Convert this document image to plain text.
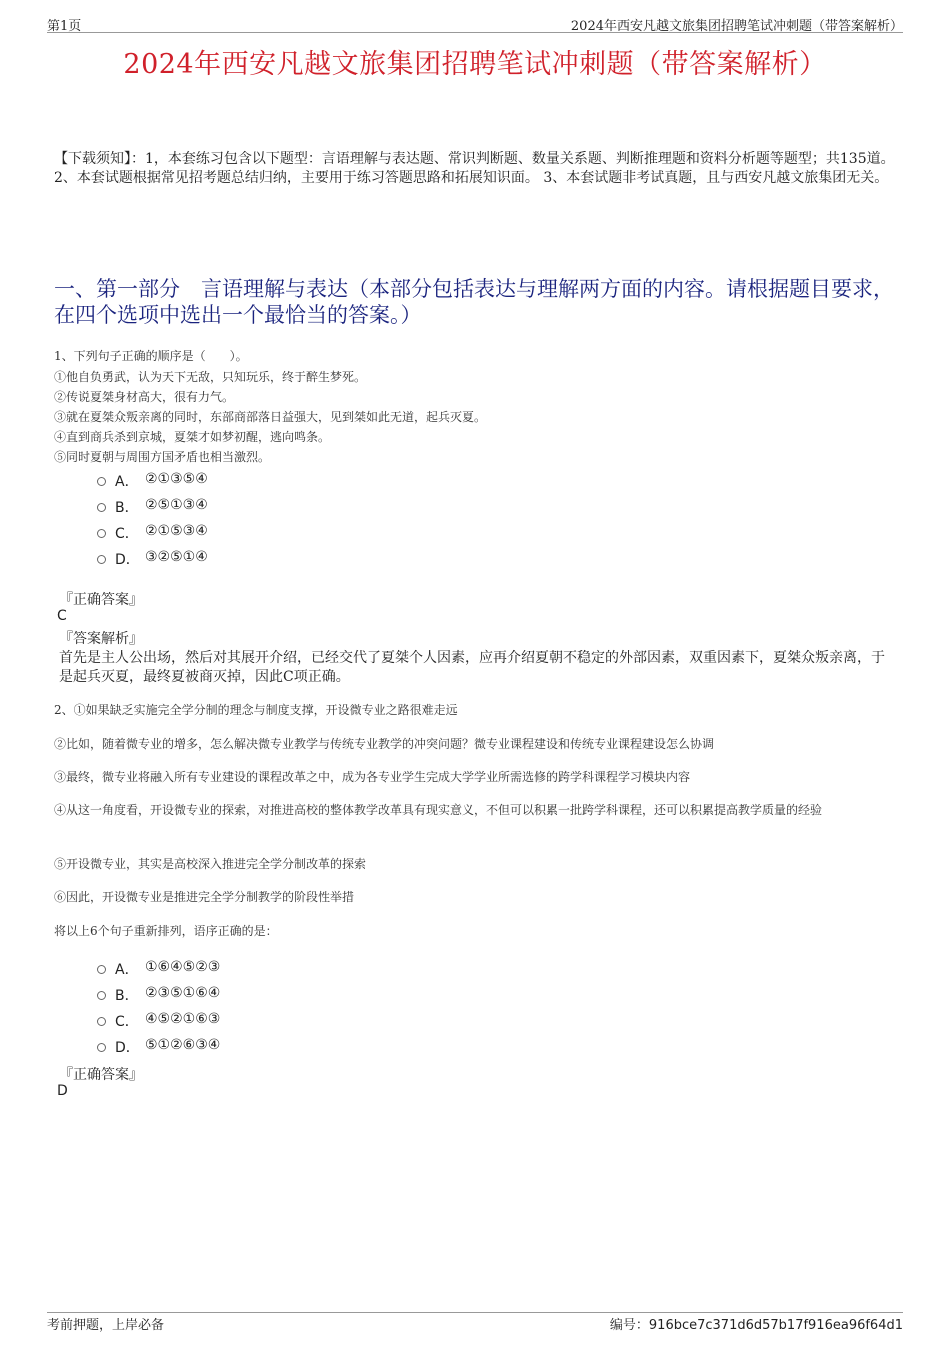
第1页	2024年西安凡越文旅集团招聘笔试冲刺题（带答案解析）
2024年西安凡越文旅集团招聘笔试冲刺题（带答案解析）
【下载须知】：1，本套练习包含以下题型：言语理解与表达题、常识判断题、数量关系题、判断推理题和资料分析题等题型；共135道。 2、本套试题根据常见招考题总结归纳，主要用于练习答题思路和拓展知识面。 3、本套试题非考试真题，且与西安凡越文旅集团无关。
一、第一部分　言语理解与表达（本部分包括表达与理解两方面的内容。请根据题目要求，在四个选项中选出一个最恰当的答案。）
1、下列句子正确的顺序是（　　）。
①他自负勇武，认为天下无敌，只知玩乐，终于醉生梦死。
②传说夏桀身材高大，很有力气。
③就在夏桀众叛亲离的同时，东部商部落日益强大，见到桀如此无道，起兵灭夏。
④直到商兵杀到京城，夏桀才如梦初醒，逃向鸣条。
⑤同时夏朝与周围方国矛盾也相当激烈。
A． ②①③⑤④
B． ②⑤①③④
C． ②①⑤③④
D． ③②⑤①④
『正确答案』
C
『答案解析』
首先是主人公出场，然后对其展开介绍，已经交代了夏桀个人因素，应再介绍夏朝不稳定的外部因素，双重因素下，夏桀众叛亲离，于是起兵灭夏，最终夏被商灭掉，因此C项正确。
2、①如果缺乏实施完全学分制的理念与制度支撑，开设微专业之路很难走远
②比如，随着微专业的增多，怎么解决微专业教学与传统专业教学的冲突问题？微专业课程建设和传统专业课程建设怎么协调
③最终，微专业将融入所有专业建设的课程改革之中，成为各专业学生完成大学学业所需选修的跨学科课程学习模块内容
④从这一角度看，开设微专业的探索，对推进高校的整体教学改革具有现实意义，不但可以积累一批跨学科课程，还可以积累提高教学质量的经验
⑤开设微专业，其实是高校深入推进完全学分制改革的探索
⑥因此，开设微专业是推进完全学分制教学的阶段性举措
将以上6个句子重新排列，语序正确的是：
A． ①⑥④⑤②③
B． ②③⑤①⑥④
C． ④⑤②①⑥③
D． ⑤①②⑥③④
『正确答案』
D
考前押题，上岸必备	编号：916bce7c371d6d57b17f916ea96f64d1
